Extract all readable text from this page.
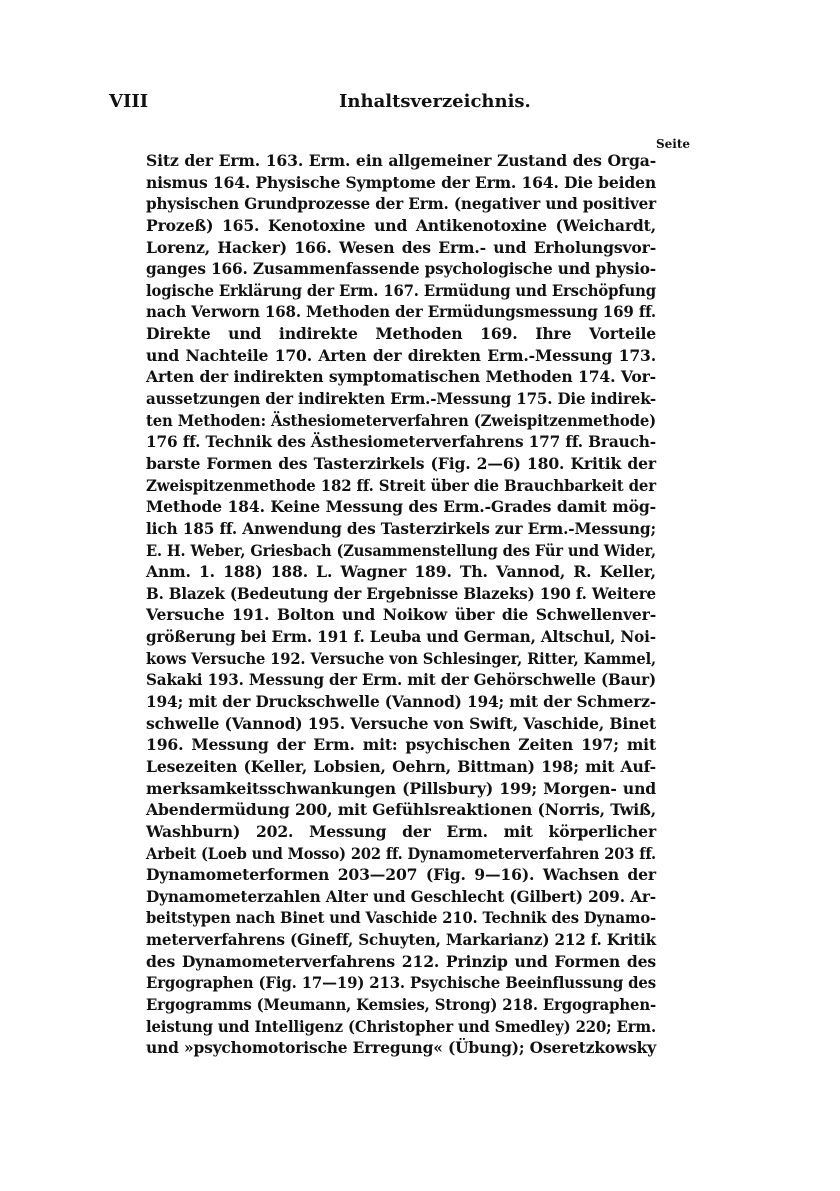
VIII	Inhaltsverzeichnis.
Seite
Sitz der Erm. 163. Erm. ein allgemeiner Zustand des Orga-
nismus 164. Physische Symptome der Erm. 164. Die beiden
physischen Grundprozesse der Erm. (negativer und positiver
Prozeß) 165. Kenotoxine und Antikenotoxine (Weichardt,
Lorenz, Hacker) 166. Wesen des Erm.- und Erholungsvor-
ganges 166. Zusammenfassende psychologische und physio-
logische Erklärung der Erm. 167. Ermüdung und Erschöpfung
nach Verworn 168. Methoden der Ermüdungsmessung 169 ff.
Direkte und indirekte Methoden 169. Ihre Vorteile
und Nachteile 170. Arten der direkten Erm.-Messung 173.
Arten der indirekten symptomatischen Methoden 174. Vor-
aussetzungen der indirekten Erm.-Messung 175. Die indirek-
ten Methoden: Ästhesiometerverfahren (Zweispitzenmethode)
176 ff. Technik des Ästhesiometerverfahrens 177 ff. Brauch-
barste Formen des Tasterzirkels (Fig. 2—6) 180. Kritik der
Zweispitzenmethode 182 ff. Streit über die Brauchbarkeit der
Methode 184. Keine Messung des Erm.-Grades damit mög-
lich 185 ff. Anwendung des Tasterzirkels zur Erm.-Messung;
E. H. Weber, Griesbach (Zusammenstellung des Für und Wider,
Anm. 1. 188) 188. L. Wagner 189. Th. Vannod, R. Keller,
B. Blazek (Bedeutung der Ergebnisse Blazeks) 190 f. Weitere
Versuche 191. Bolton und Noikow über die Schwellenver-
größerung bei Erm. 191 f. Leuba und German, Altschul, Noi-
kows Versuche 192. Versuche von Schlesinger, Ritter, Kammel,
Sakaki 193. Messung der Erm. mit der Gehörschwelle (Baur)
194; mit der Druckschwelle (Vannod) 194; mit der Schmerz-
schwelle (Vannod) 195. Versuche von Swift, Vaschide, Binet
196. Messung der Erm. mit: psychischen Zeiten 197; mit
Lesezeiten (Keller, Lobsien, Oehrn, Bittman) 198; mit Auf-
merksamkeitsschwankungen (Pillsbury) 199; Morgen- und
Abendermüdung 200, mit Gefühlsreaktionen (Norris, Twiß,
Washburn) 202. Messung der Erm. mit körperlicher
Arbeit (Loeb und Mosso) 202 ff. Dynamometerverfahren 203 ff.
Dynamometerformen 203—207 (Fig. 9—16). Wachsen der
Dynamometerzahlen Alter und Geschlecht (Gilbert) 209. Ar-
beitstypen nach Binet und Vaschide 210. Technik des Dynamo-
meterverfahrens (Gineff, Schuyten, Markarianz) 212 f. Kritik
des Dynamometerverfahrens 212. Prinzip und Formen des
Ergographen (Fig. 17—19) 213. Psychische Beeinflussung des
Ergogramms (Meumann, Kemsies, Strong) 218. Ergographen-
leistung und Intelligenz (Christopher und Smedley) 220; Erm.
und »psychomotorische Erregung« (Übung); Oseretzkowsky
